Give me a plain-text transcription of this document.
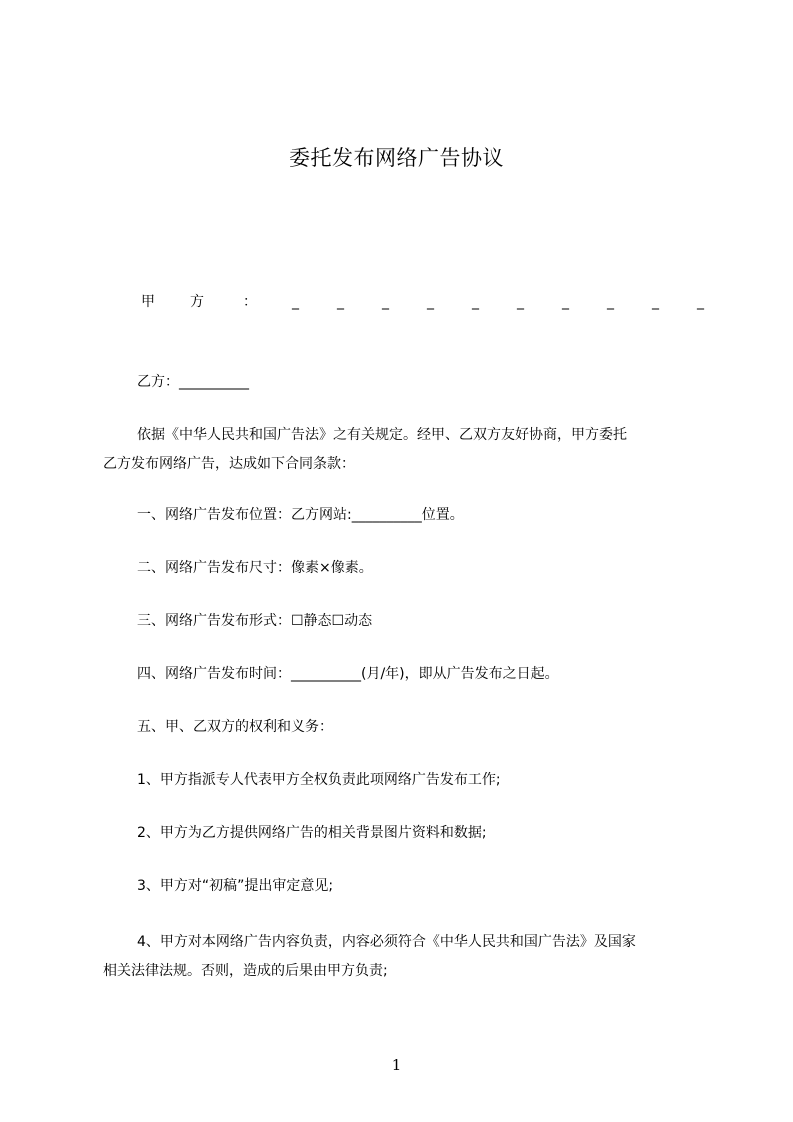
委托发布网络广告协议
甲	方	：	_	_	_	_	_	_	_	_	_	_
乙方：__________
依据《中华人民共和国广告法》之有关规定。经甲、乙双方友好协商，甲方委托
乙方发布网络广告，达成如下合同条款：
一、网络广告发布位置：乙方网站:__________位置。
二、网络广告发布尺寸：像素×像素。
三、网络广告发布形式：☐静态☐动态
四、网络广告发布时间：__________(月/年)，即从广告发布之日起。
五、甲、乙双方的权利和义务：
1、甲方指派专人代表甲方全权负责此项网络广告发布工作;
2、甲方为乙方提供网络广告的相关背景图片资料和数据;
3、甲方对“初稿”提出审定意见;
4、甲方对本网络广告内容负责，内容必须符合《中华人民共和国广告法》及国家
相关法律法规。否则，造成的后果由甲方负责;
1
